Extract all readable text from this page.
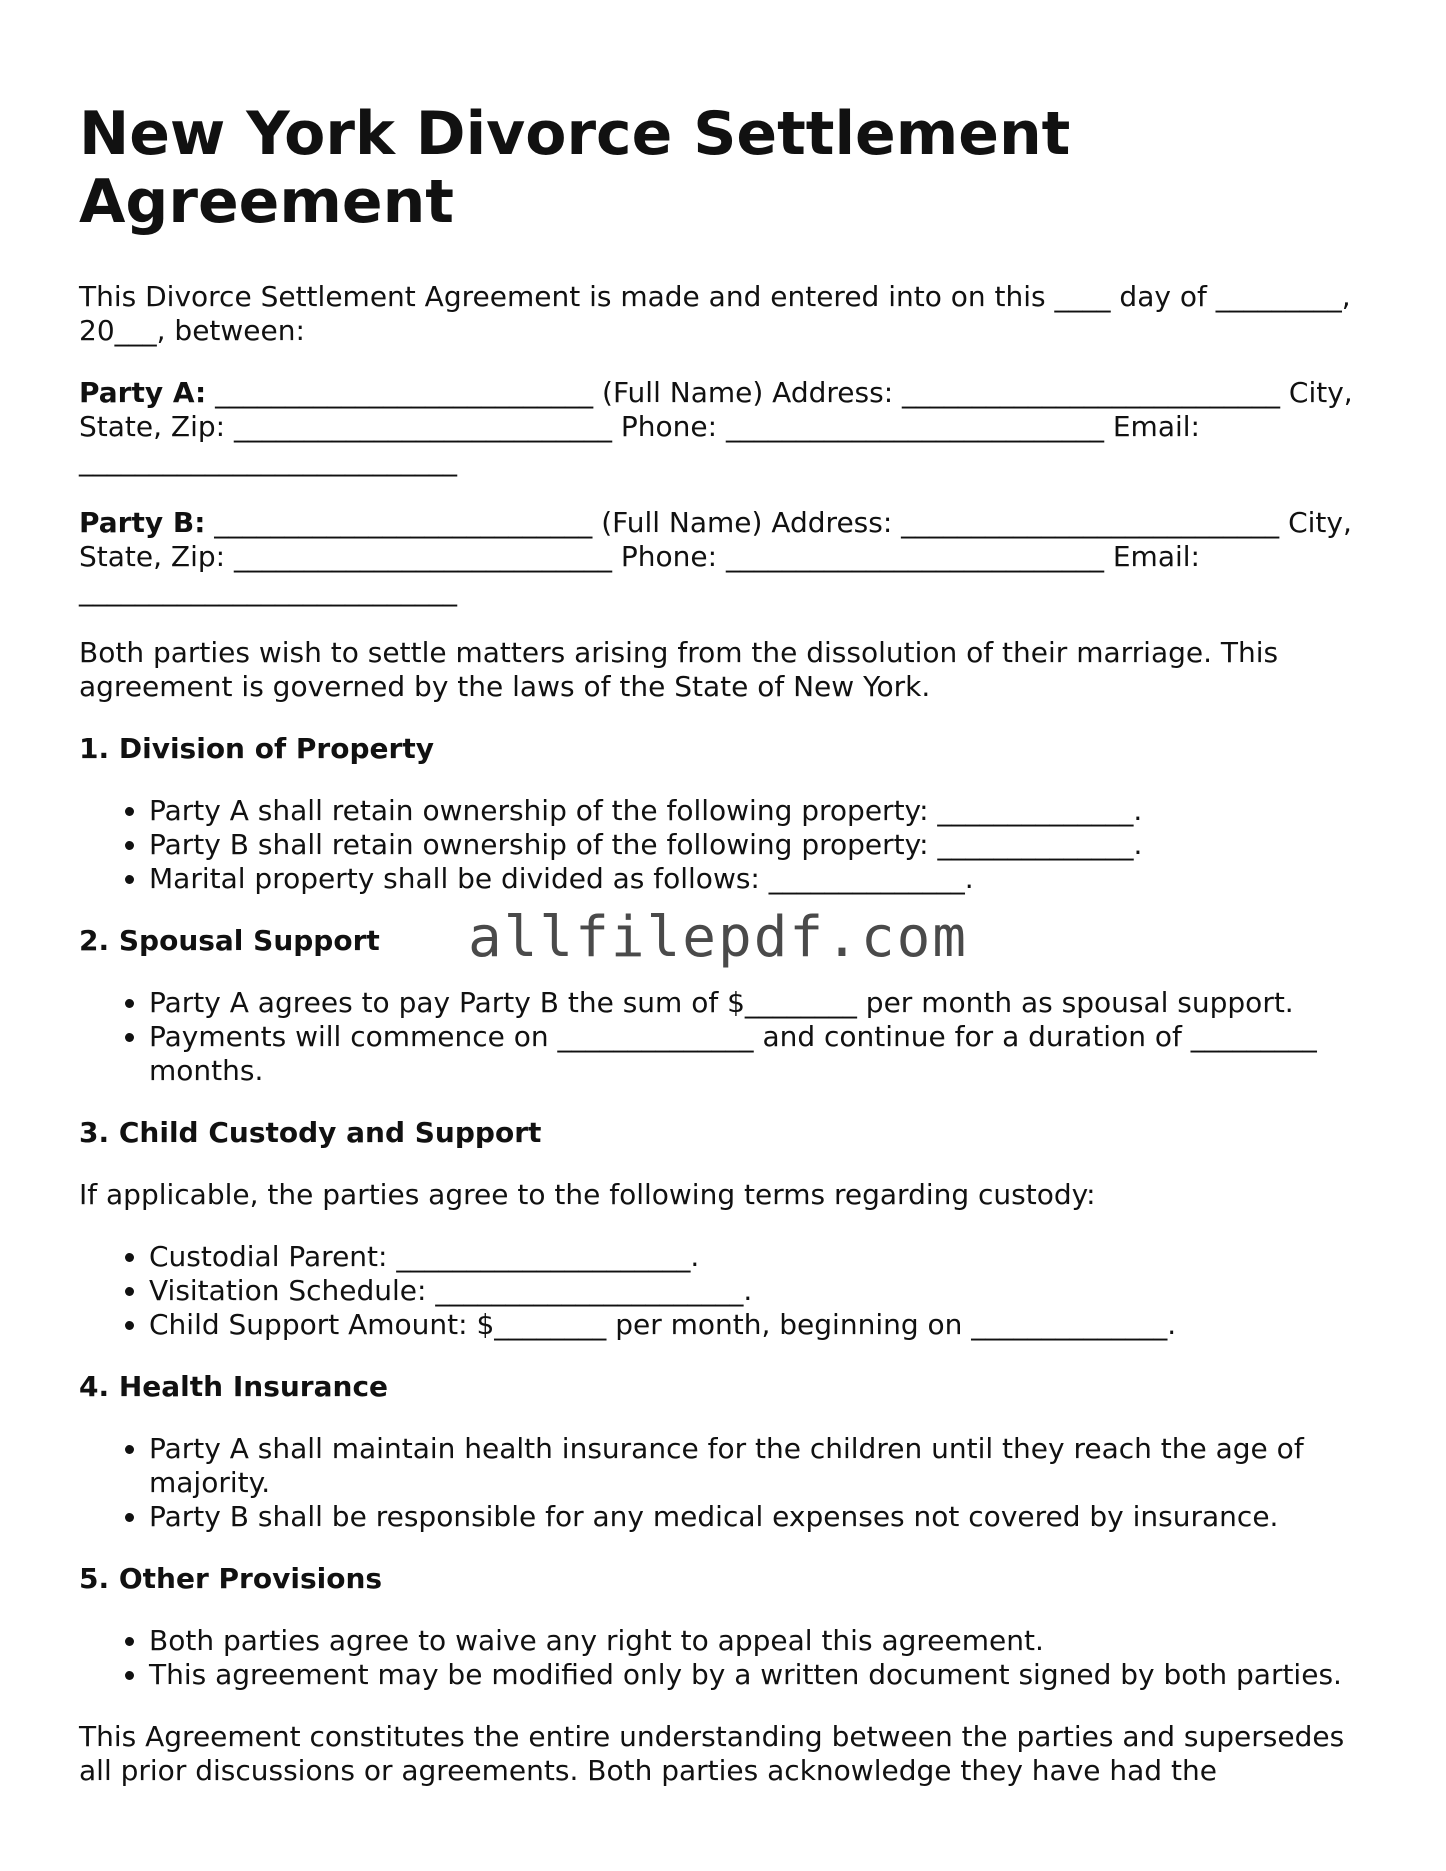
New York Divorce Settlement Agreement

This Divorce Settlement Agreement is made and entered into on this ____ day of _________, 20___, between:

Party A: ___________________________ (Full Name) Address: ___________________________ City, State, Zip: ___________________________ Phone: ___________________________ Email: ___________________________

Party B: ___________________________ (Full Name) Address: ___________________________ City, State, Zip: ___________________________ Phone: ___________________________ Email: ___________________________

Both parties wish to settle matters arising from the dissolution of their marriage. This agreement is governed by the laws of the State of New York.

1. Division of Property
• Party A shall retain ownership of the following property: ______________.
• Party B shall retain ownership of the following property: ______________.
• Marital property shall be divided as follows: ______________.
2. Spousal Support
• Party A agrees to pay Party B the sum of $________ per month as spousal support.
• Payments will commence on ______________ and continue for a duration of _________ months.
3. Child Custody and Support

If applicable, the parties agree to the following terms regarding custody:

• Custodial Parent: _____________________.
• Visitation Schedule: ______________________.
• Child Support Amount: $________ per month, beginning on ______________.
4. Health Insurance
• Party A shall maintain health insurance for the children until they reach the age of majority.
• Party B shall be responsible for any medical expenses not covered by insurance.
5. Other Provisions
• Both parties agree to waive any right to appeal this agreement.
• This agreement may be modified only by a written document signed by both parties.

This Agreement constitutes the entire understanding between the parties and supersedes all prior discussions or agreements. Both parties acknowledge they have had the

allfilepdf.com
